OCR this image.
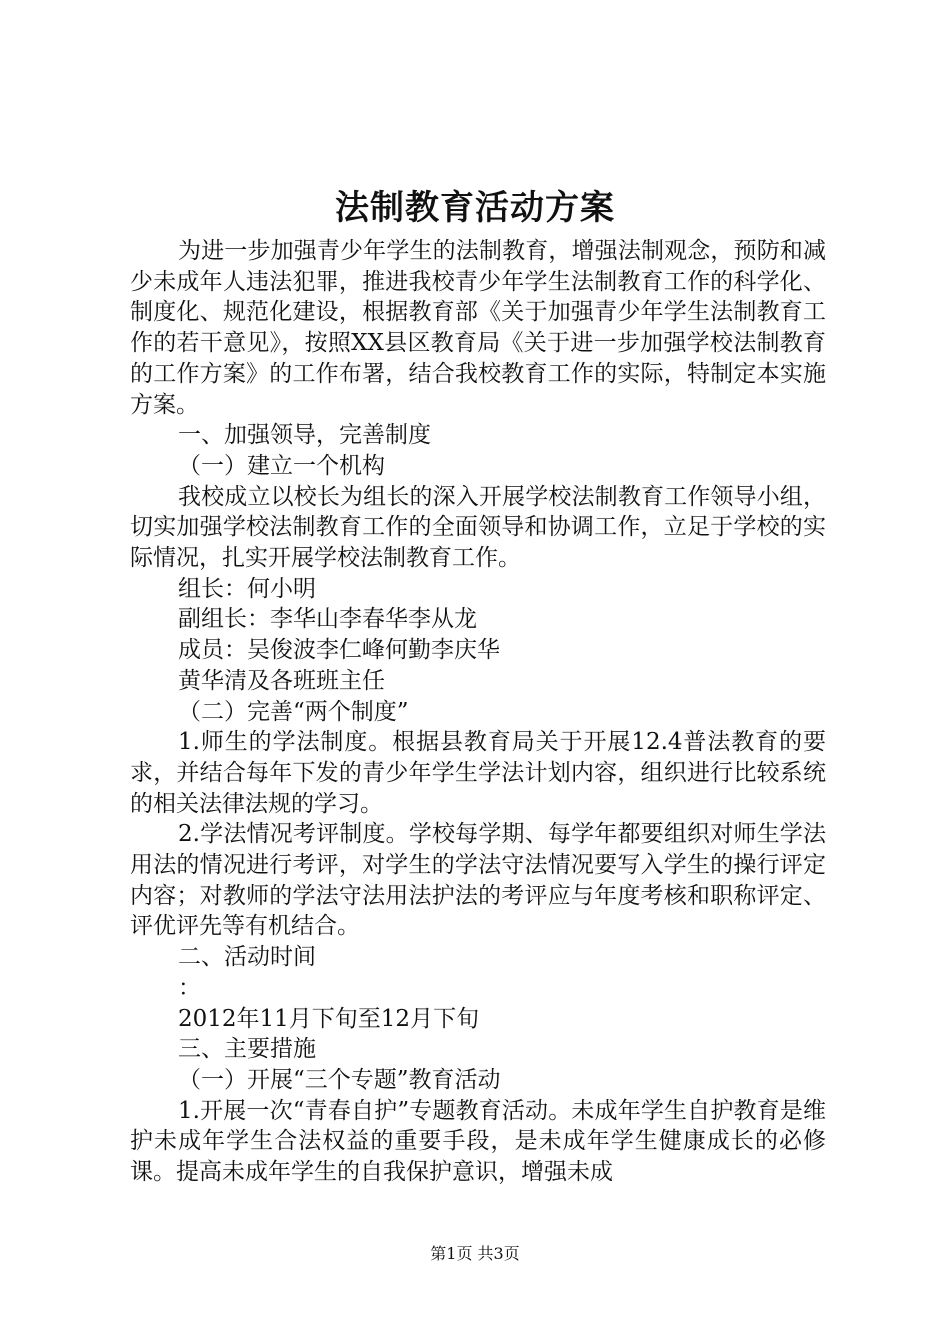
法制教育活动方案

为进一步加强青少年学生的法制教育，增强法制观念，预防和减少未成年人违法犯罪，推进我校青少年学生法制教育工作的科学化、制度化、规范化建设，根据教育部《关于加强青少年学生法制教育工作的若干意见》，按照XX县区教育局《关于进一步加强学校法制教育的工作方案》的工作布署，结合我校教育工作的实际，特制定本实施方案。

一、加强领导，完善制度

（一）建立一个机构

我校成立以校长为组长的深入开展学校法制教育工作领导小组，切实加强学校法制教育工作的全面领导和协调工作，立足于学校的实际情况，扎实开展学校法制教育工作。

组长：何小明

副组长：李华山李春华李从龙

成员：吴俊波李仁峰何勤李庆华

黄华清及各班班主任

（二）完善“两个制度”

1.师生的学法制度。根据县教育局关于开展12.4普法教育的要求，并结合每年下发的青少年学生学法计划内容，组织进行比较系统的相关法律法规的学习。

2.学法情况考评制度。学校每学期、每学年都要组织对师生学法用法的情况进行考评，对学生的学法守法情况要写入学生的操行评定内容；对教师的学法守法用法护法的考评应与年度考核和职称评定、评优评先等有机结合。

二、活动时间

：

2012年11月下旬至12月下旬

三、主要措施

（一）开展“三个专题”教育活动

1.开展一次“青春自护”专题教育活动。未成年学生自护教育是维护未成年学生合法权益的重要手段，是未成年学生健康成长的必修课。提高未成年学生的自我保护意识，增强未成

第1页 共3页
